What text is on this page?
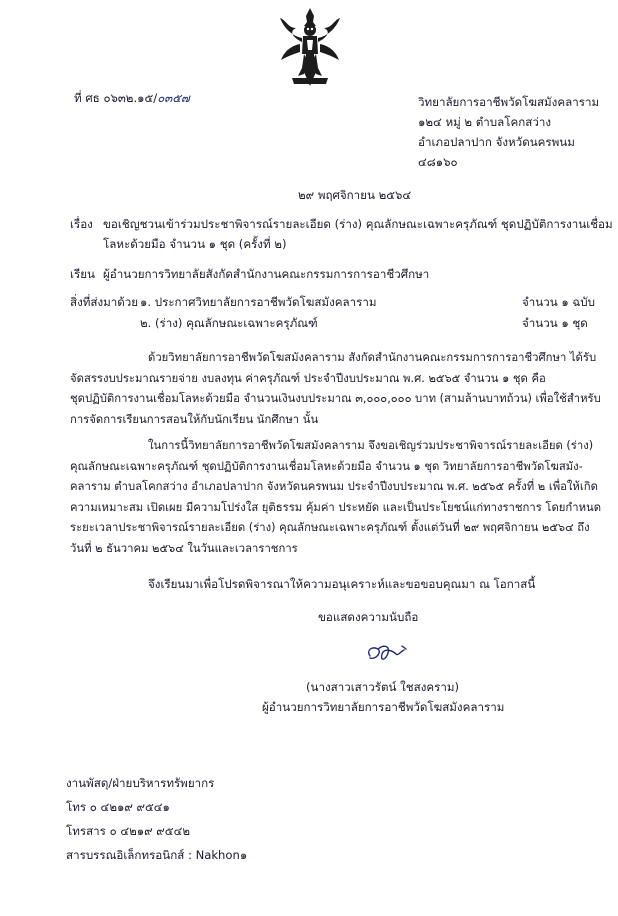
ที่ ศธ ๐๖๓๒.๑๕/๐๓๕๗	วิทยาลัยการอาชีพวัดโฆสมังคลาราม
๑๒๔ หมู่ ๒ ตำบลโคกสว่าง
อำเภอปลาปาก จังหวัดนครพนม
๔๘๑๖๐
๒๙ พฤศจิกายน ๒๕๖๔
เรื่อง ขอเชิญชวนเข้าร่วมประชาพิจารณ์รายละเอียด (ร่าง) คุณลักษณะเฉพาะครุภัณฑ์ ชุดปฏิบัติการงานเชื่อม
โลหะด้วยมือ จำนวน ๑ ชุด (ครั้งที่ ๒)
เรียน ผู้อำนวยการวิทยาลัยสังกัดสำนักงานคณะกรรมการการอาชีวศึกษา
สิ่งที่ส่งมาด้วย ๑. ประกาศวิทยาลัยการอาชีพวัดโฆสมังคลาราม	จำนวน ๑ ฉบับ
๒. (ร่าง) คุณลักษณะเฉพาะครุภัณฑ์	จำนวน ๑ ชุด
ด้วยวิทยาลัยการอาชีพวัดโฆสมังคลาราม สังกัดสำนักงานคณะกรรมการการอาชีวศึกษา ได้รับ
จัดสรรงบประมาณรายจ่าย งบลงทุน ค่าครุภัณฑ์ ประจำปีงบประมาณ พ.ศ. ๒๕๖๕ จำนวน ๑ ชุด คือ
ชุดปฏิบัติการงานเชื่อมโลหะด้วยมือ จำนวนเงินงบประมาณ ๓,๐๐๐,๐๐๐ บาท (สามล้านบาทถ้วน) เพื่อใช้สำหรับ
การจัดการเรียนการสอนให้กับนักเรียน นักศึกษา นั้น
ในการนี้วิทยาลัยการอาชีพวัดโฆสมังคลาราม จึงขอเชิญร่วมประชาพิจารณ์รายละเอียด (ร่าง)
คุณลักษณะเฉพาะครุภัณฑ์ ชุดปฏิบัติการงานเชื่อมโลหะด้วยมือ จำนวน ๑ ชุด วิทยาลัยการอาชีพวัดโฆสมัง-
คลาราม ตำบลโคกสว่าง อำเภอปลาปาก จังหวัดนครพนม ประจำปีงบประมาณ พ.ศ. ๒๕๖๕ ครั้งที่ ๒ เพื่อให้เกิด
ความเหมาะสม เปิดเผย มีความโปร่งใส ยุติธรรม คุ้มค่า ประหยัด และเป็นประโยชน์แก่ทางราชการ โดยกำหนด
ระยะเวลาประชาพิจารณ์รายละเอียด (ร่าง) คุณลักษณะเฉพาะครุภัณฑ์ ตั้งแต่วันที่ ๒๙ พฤศจิกายน ๒๕๖๔ ถึง
วันที่ ๒ ธันวาคม ๒๕๖๔ ในวันและเวลาราชการ
จึงเรียนมาเพื่อโปรดพิจารณาให้ความอนุเคราะห์และขอขอบคุณมา ณ โอกาสนี้
ขอแสดงความนับถือ
(นางสาวเสาวรัตน์ ใชสงคราม)
ผู้อำนวยการวิทยาลัยการอาชีพวัดโฆสมังคลาราม
งานพัสดุ/ฝ่ายบริหารทรัพยากร
โทร ๐ ๔๒๑๙ ๙๕๔๑
โทรสาร ๐ ๔๒๑๙ ๙๕๔๒
สารบรรณอิเล็กทรอนิกส์ : Nakhon๑
